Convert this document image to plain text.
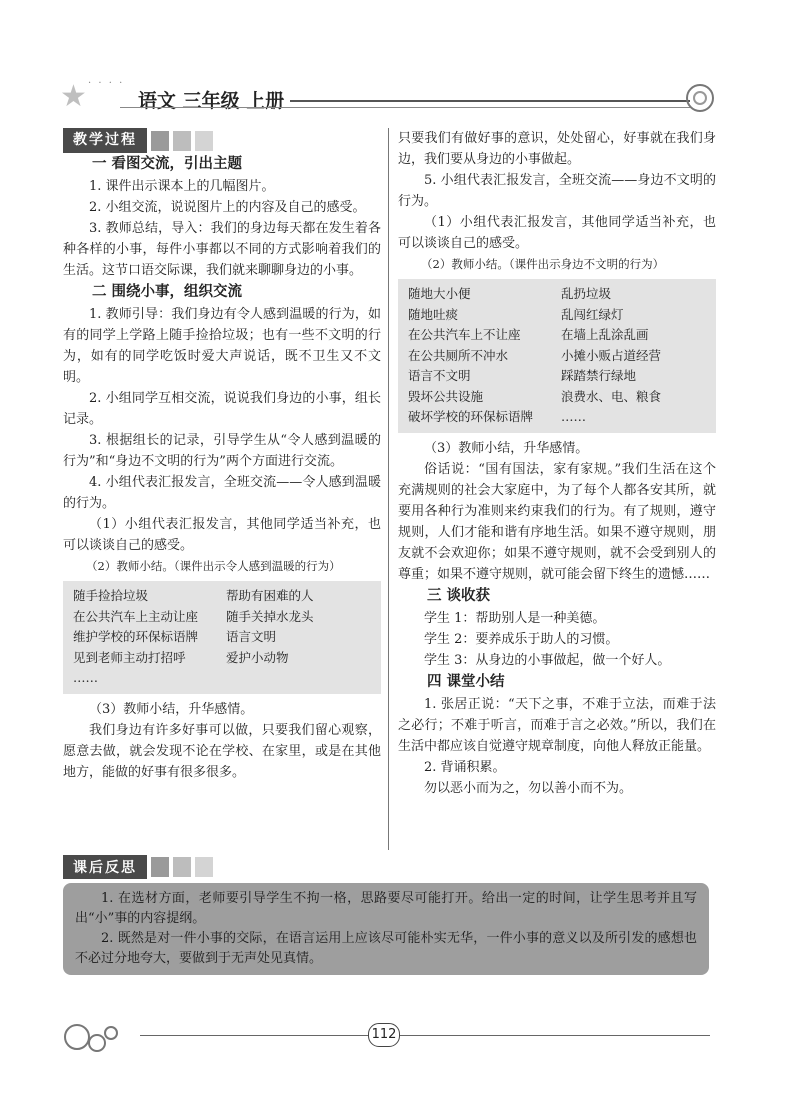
★ · · · ·
语文 三年级 上册
教学过程
一 看图交流，引出主题

1. 课件出示课本上的几幅图片。

2. 小组交流，说说图片上的内容及自己的感受。

3. 教师总结，导入：我们的身边每天都在发生着各种各样的小事，每件小事都以不同的方式影响着我们的生活。这节口语交际课，我们就来聊聊身边的小事。

二 围绕小事，组织交流

1. 教师引导：我们身边有令人感到温暖的行为，如有的同学上学路上随手捡拾垃圾；也有一些不文明的行为，如有的同学吃饭时爱大声说话，既不卫生又不文明。

2. 小组同学互相交流，说说我们身边的小事，组长记录。

3. 根据组长的记录，引导学生从“令人感到温暖的行为”和“身边不文明的行为”两个方面进行交流。

4. 小组代表汇报发言，全班交流——令人感到温暖的行为。

（1）小组代表汇报发言，其他同学适当补充，也可以谈谈自己的感受。

（2）教师小结。（课件出示令人感到温暖的行为）

随手捡拾垃圾	帮助有困难的人
在公共汽车上主动让座	随手关掉水龙头
维护学校的环保标语牌	语言文明
见到老师主动打招呼	爱护小动物
……

（3）教师小结，升华感情。

我们身边有许多好事可以做，只要我们留心观察，愿意去做，就会发现不论在学校、在家里，或是在其他地方，能做的好事有很多很多。

只要我们有做好事的意识，处处留心，好事就在我们身边，我们要从身边的小事做起。

5. 小组代表汇报发言，全班交流——身边不文明的行为。

（1）小组代表汇报发言，其他同学适当补充，也可以谈谈自己的感受。

（2）教师小结。（课件出示身边不文明的行为）

随地大小便	乱扔垃圾
随地吐痰	乱闯红绿灯
在公共汽车上不让座	在墙上乱涂乱画
在公共厕所不冲水	小摊小贩占道经营
语言不文明	踩踏禁行绿地
毁坏公共设施	浪费水、电、粮食
破坏学校的环保标语牌	……

（3）教师小结，升华感情。

俗话说：“国有国法，家有家规。”我们生活在这个充满规则的社会大家庭中，为了每个人都各安其所，就要用各种行为准则来约束我们的行为。有了规则，遵守规则，人们才能和谐有序地生活。如果不遵守规则，朋友就不会欢迎你；如果不遵守规则，就不会受到别人的尊重；如果不遵守规则，就可能会留下终生的遗憾……

三 谈收获

学生 1：帮助别人是一种美德。

学生 2：要养成乐于助人的习惯。

学生 3：从身边的小事做起，做一个好人。

四 课堂小结

1. 张居正说：“天下之事，不难于立法，而难于法之必行；不难于听言，而难于言之必效。”所以，我们在生活中都应该自觉遵守规章制度，向他人释放正能量。

2. 背诵积累。

勿以恶小而为之，勿以善小而不为。

课后反思

1. 在选材方面，老师要引导学生不拘一格，思路要尽可能打开。给出一定的时间，让学生思考并且写出“小”事的内容提纲。

2. 既然是对一件小事的交际，在语言运用上应该尽可能朴实无华，一件小事的意义以及所引发的感想也不必过分地夸大，要做到于无声处见真情。

112
